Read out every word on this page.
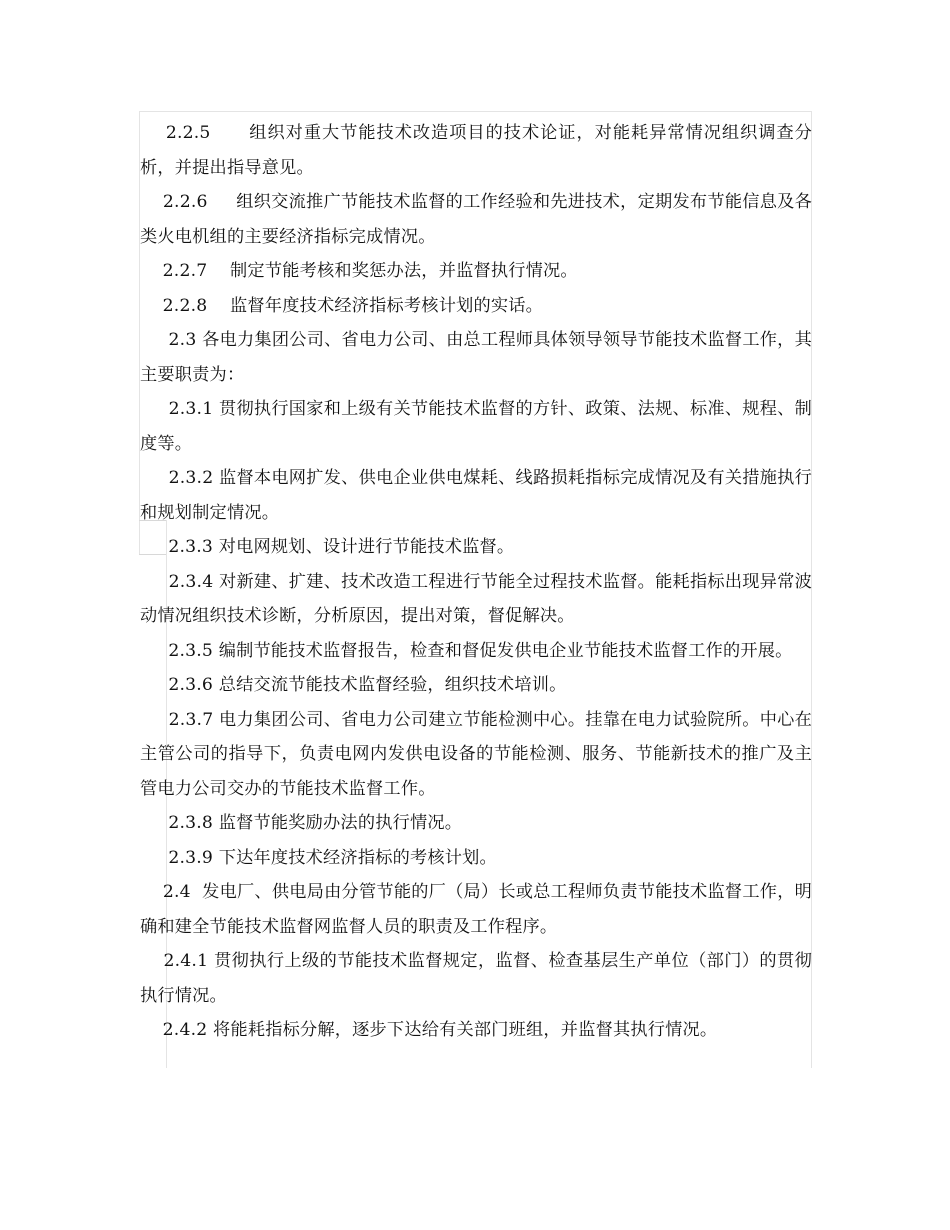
2.2.5      组织对重大节能技术改造项目的技术论证，对能耗异常情况组织调查分析，并提出指导意见。

2.2.6     组织交流推广节能技术监督的工作经验和先进技术，定期发布节能信息及各类火电机组的主要经济指标完成情况。

2.2.7    制定节能考核和奖惩办法，并监督执行情况。

2.2.8    监督年度技术经济指标考核计划的实话。

2.3 各电力集团公司、省电力公司、由总工程师具体领导领导节能技术监督工作，其主要职责为：

2.3.1 贯彻执行国家和上级有关节能技术监督的方针、政策、法规、标准、规程、制度等。

2.3.2 监督本电网扩发、供电企业供电煤耗、线路损耗指标完成情况及有关措施执行和规划制定情况。

2.3.3 对电网规划、设计进行节能技术监督。

2.3.4 对新建、扩建、技术改造工程进行节能全过程技术监督。能耗指标出现异常波动情况组织技术诊断，分析原因，提出对策，督促解决。

2.3.5 编制节能技术监督报告，检查和督促发供电企业节能技术监督工作的开展。

2.3.6 总结交流节能技术监督经验，组织技术培训。

2.3.7 电力集团公司、省电力公司建立节能检测中心。挂靠在电力试验院所。中心在主管公司的指导下，负责电网内发供电设备的节能检测、服务、节能新技术的推广及主管电力公司交办的节能技术监督工作。

2.3.8 监督节能奖励办法的执行情况。

2.3.9 下达年度技术经济指标的考核计划。

2.4  发电厂、供电局由分管节能的厂（局）长或总工程师负责节能技术监督工作，明确和建全节能技术监督网监督人员的职责及工作程序。

2.4.1 贯彻执行上级的节能技术监督规定，监督、检查基层生产单位（部门）的贯彻执行情况。

2.4.2 将能耗指标分解，逐步下达给有关部门班组，并监督其执行情况。
